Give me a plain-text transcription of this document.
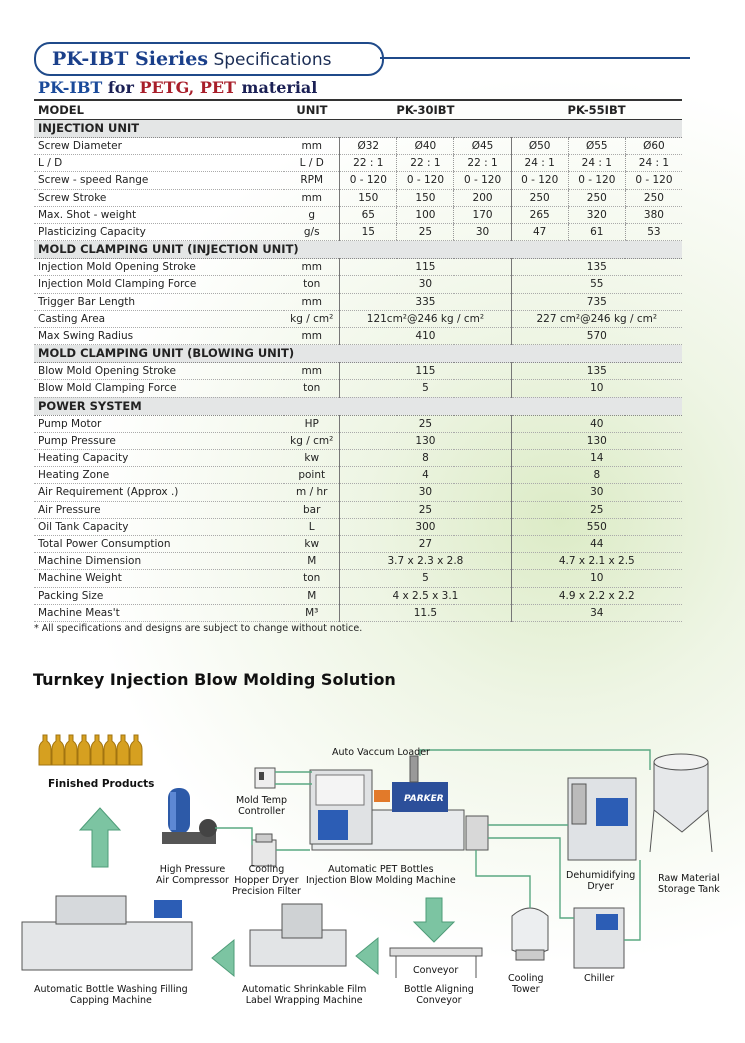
PK-IBT Sieries Specifications
PK-IBT for PETG, PET material
MODEL	UNIT	PK-30IBT			PK-55IBT		
INJECTION UNIT							
Screw Diameter	mm	Ø32	Ø40	Ø45	Ø50	Ø55	Ø60
L / D	L / D	22 : 1	22 : 1	22 : 1	24 : 1	24 : 1	24 : 1
Screw - speed Range	RPM	0 - 120	0 - 120	0 - 120	0 - 120	0 - 120	0 - 120
Screw Stroke	mm	150	150	200	250	250	250
Max. Shot - weight	g	65	100	170	265	320	380
Plasticizing Capacity	g/s	15	25	30	47	61	53
MOLD CLAMPING UNIT (INJECTION UNIT)							
Injection Mold Opening Stroke	mm	115			135		
Injection Mold Clamping Force	ton	30			55		
Trigger Bar Length	mm	335			735		
Casting Area	kg / cm²	121cm²@246 kg / cm²			227 cm²@246 kg / cm²		
Max Swing Radius	mm	410			570		
MOLD CLAMPING UNIT (BLOWING UNIT)							
Blow Mold Opening Stroke	mm	115			135		
Blow Mold Clamping Force	ton	5			10		
POWER SYSTEM							
Pump Motor	HP	25			40		
Pump Pressure	kg / cm²	130			130		
Heating Capacity	kw	8			14		
Heating Zone	point	4			8		
Air Requirement (Approx .)	m / hr	30			30		
Air Pressure	bar	25			25		
Oil Tank Capacity	L	300			550		
Total Power Consumption	kw	27			44		
Machine Dimension	M	3.7 x 2.3 x 2.8			4.7 x 2.1 x 2.5		
Machine Weight	ton	5			10		
Packing Size	M	4 x 2.5 x 3.1			4.9 x 2.2 x 2.2		
Machine Meas't	M³	11.5			34		
* All specifications and designs are subject to change without notice.
Turnkey Injection Blow Molding Solution
Finished Products
Auto Vaccum Loader
Mold Temp
Controller
PARKER
High Pressure
Air Compressor
Cooling
Hopper Dryer
Precision Filter
Automatic PET Bottles
Injection Blow Molding Machine	Dehumidifying
Dryer
Raw Material
Storage Tank
Automatic Bottle Washing Filling
Capping Machine
Automatic Shrinkable Film
Label Wrapping Machine
Conveyor
Bottle Aligning
Conveyor
Cooling
Tower
Chiller
